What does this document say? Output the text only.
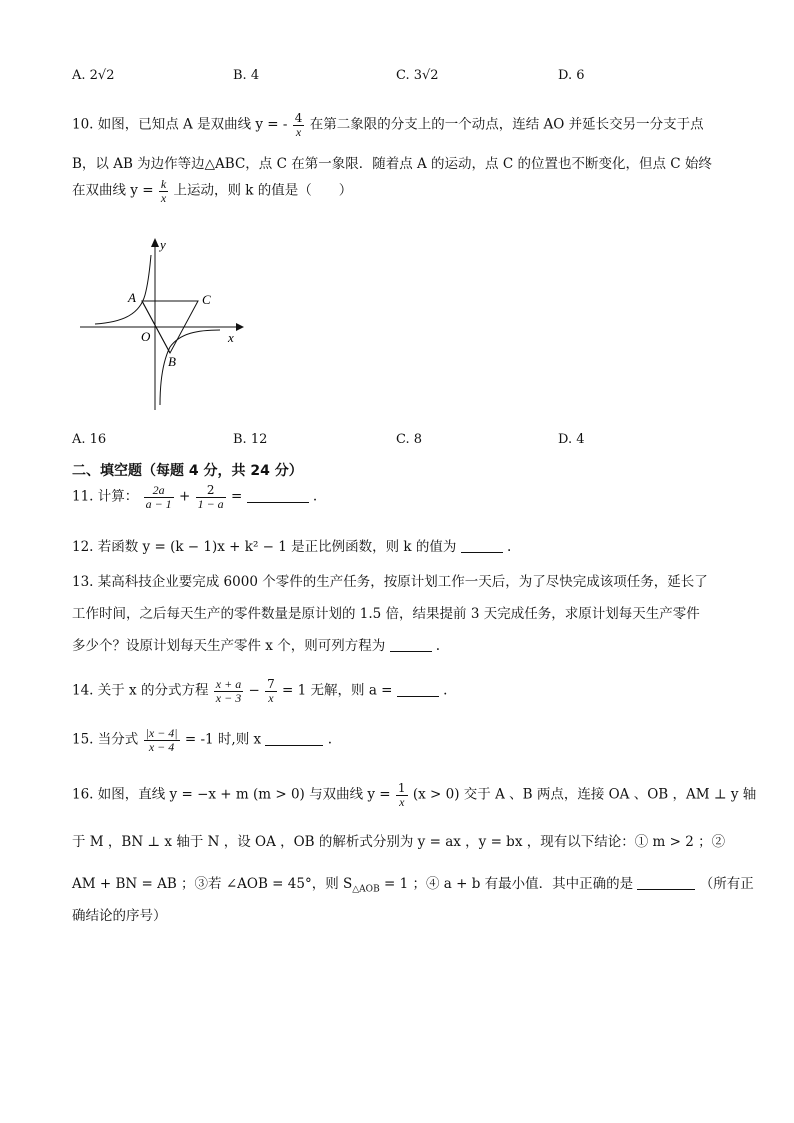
A. 2√2	B. 4	C. 3√2	D. 6
10. 如图，已知点 A 是双曲线 y = - $\frac{4}{x}$ 在第二象限的分支上的一个动点，连结 AO 并延长交另一分支于点
B，以 AB 为边作等边△ABC，点 C 在第一象限．随着点 A 的运动，点 C 的位置也不断变化，但点 C 始终
在双曲线 $y = \frac{k}{x}$ 上运动，则 k 的值是（　　）
y
x
A	C
O
B
A. 16	B. 12	C. 8	D. 4
二、填空题（每题 4 分，共 24 分）
11. 计算： $\frac{2a}{a - 1} + \frac{2}{1 - a}$ =	.
12. 若函数 y = (k − 1)x + k² − 1 是正比例函数，则 k 的值为	.
13. 某高科技企业要完成 6000 个零件的生产任务，按原计划工作一天后，为了尽快完成该项任务，延长了
工作时间，之后每天生产的零件数量是原计划的 1.5 倍，结果提前 3 天完成任务，求原计划每天生产零件
多少个？设原计划每天生产零件 x 个，则可列方程为	.
14. 关于 x 的分式方程 $\frac{x + a}{x - 3} - \frac{7}{x} = 1$ 无解，则 a =	.
15. 当分式 $\frac{|x - 4|}{x - 4} = -1$ 时,则 x	.
16. 如图，直线 y = −x + m (m > 0) 与双曲线 $y = \frac{1}{x} (x > 0)$ 交于 A 、B 两点，连接 OA 、OB ，AM ⊥ y 轴
于 M ，BN ⊥ x 轴于 N ，设 OA ，OB 的解析式分别为 y = ax ，y = bx ，现有以下结论：① m > 2 ；②
AM + BN = AB ；③若 ∠AOB = 45°，则 $S_{\triangle AOB} = 1$ ；④ a + b 有最小值．其中正确的是	（所有正
确结论的序号）
